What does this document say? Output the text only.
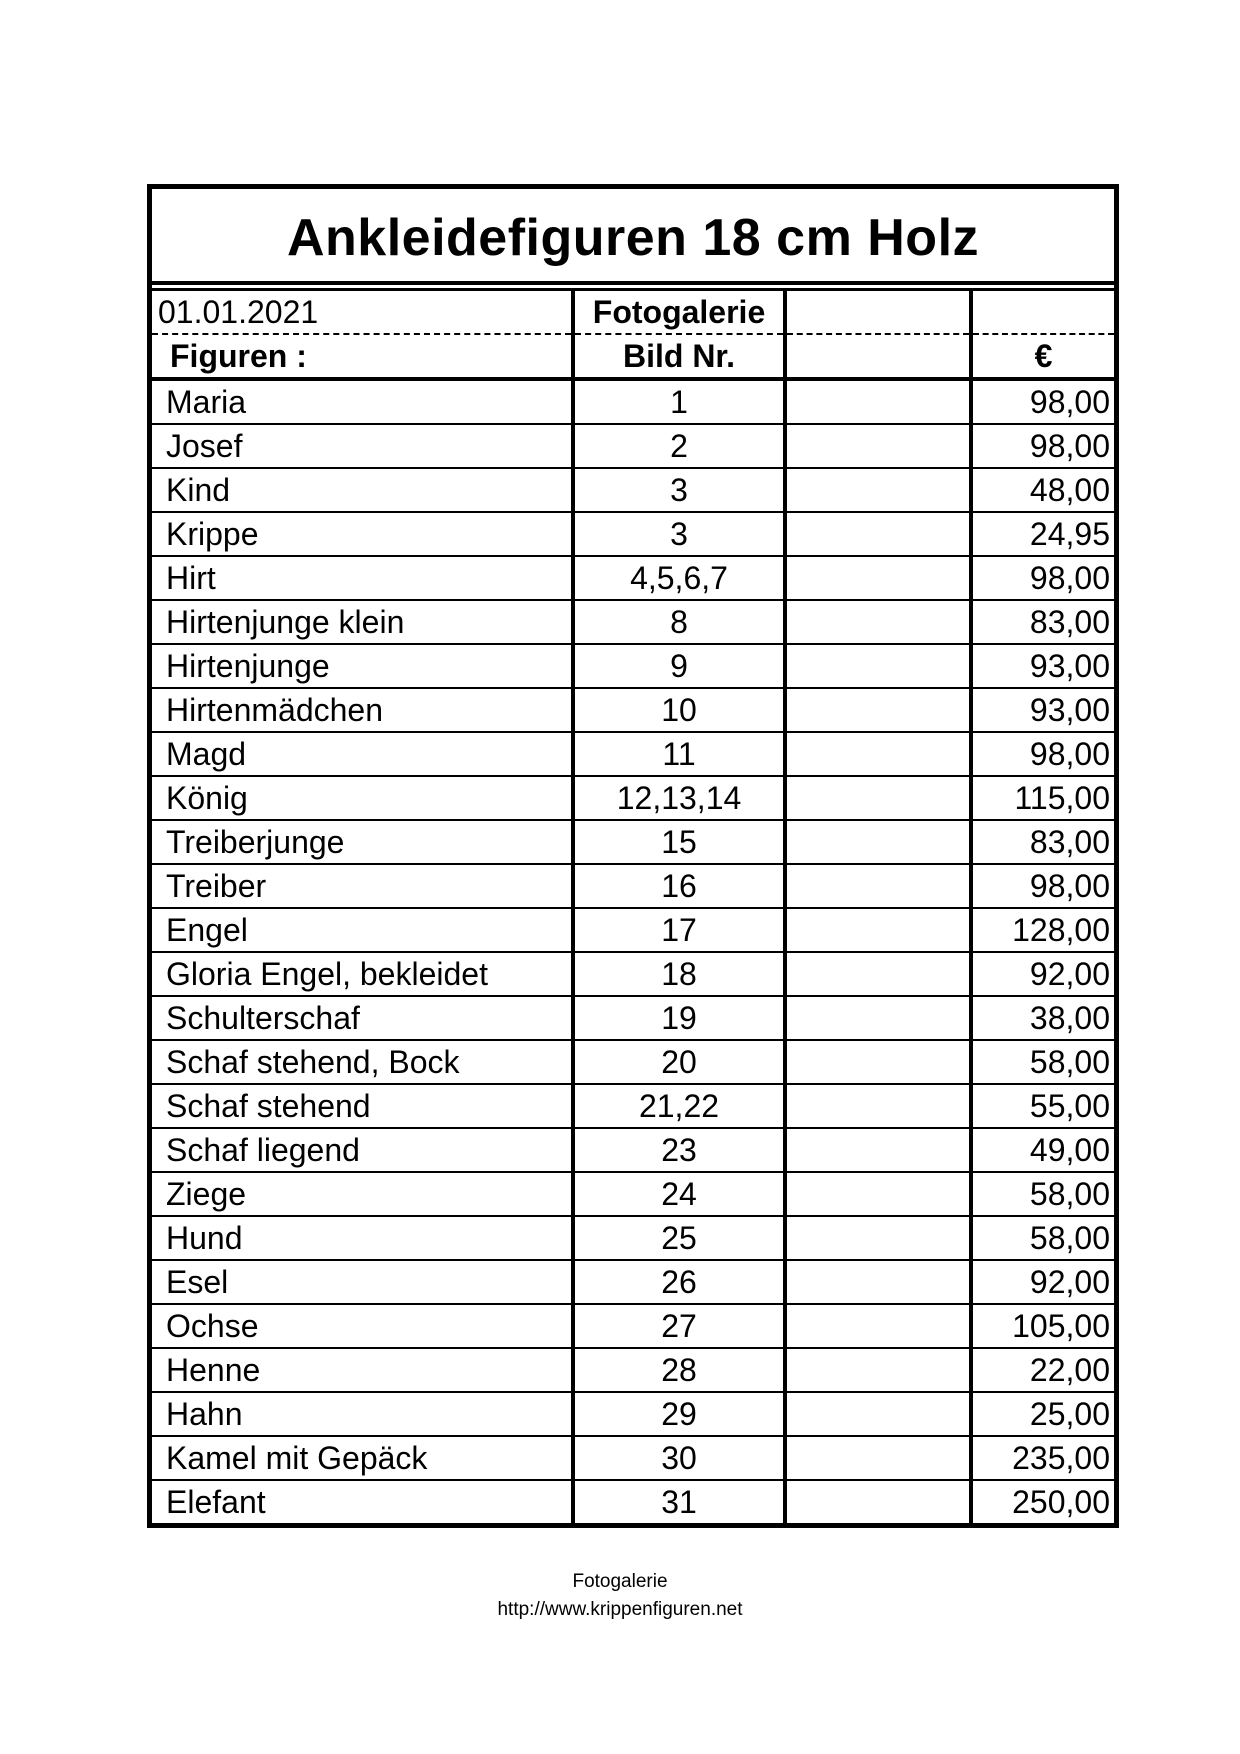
Ankleidefiguren 18 cm Holz
01.01.2021	Fotogalerie		
Figuren :	Bild Nr.		€
Maria	1		98,00
Josef	2		98,00
Kind	3		48,00
Krippe	3		24,95
Hirt	4,5,6,7		98,00
Hirtenjunge klein	8		83,00
Hirtenjunge	9		93,00
Hirtenmädchen	10		93,00
Magd	11		98,00
König	12,13,14		115,00
Treiberjunge	15		83,00
Treiber	16		98,00
Engel	17		128,00
Gloria Engel, bekleidet	18		92,00
Schulterschaf	19		38,00
Schaf stehend, Bock	20		58,00
Schaf stehend	21,22		55,00
Schaf liegend	23		49,00
Ziege	24		58,00
Hund	25		58,00
Esel	26		92,00
Ochse	27		105,00
Henne	28		22,00
Hahn	29		25,00
Kamel mit Gepäck	30		235,00
Elefant	31		250,00
Fotogalerie
http://www.krippenfiguren.net
